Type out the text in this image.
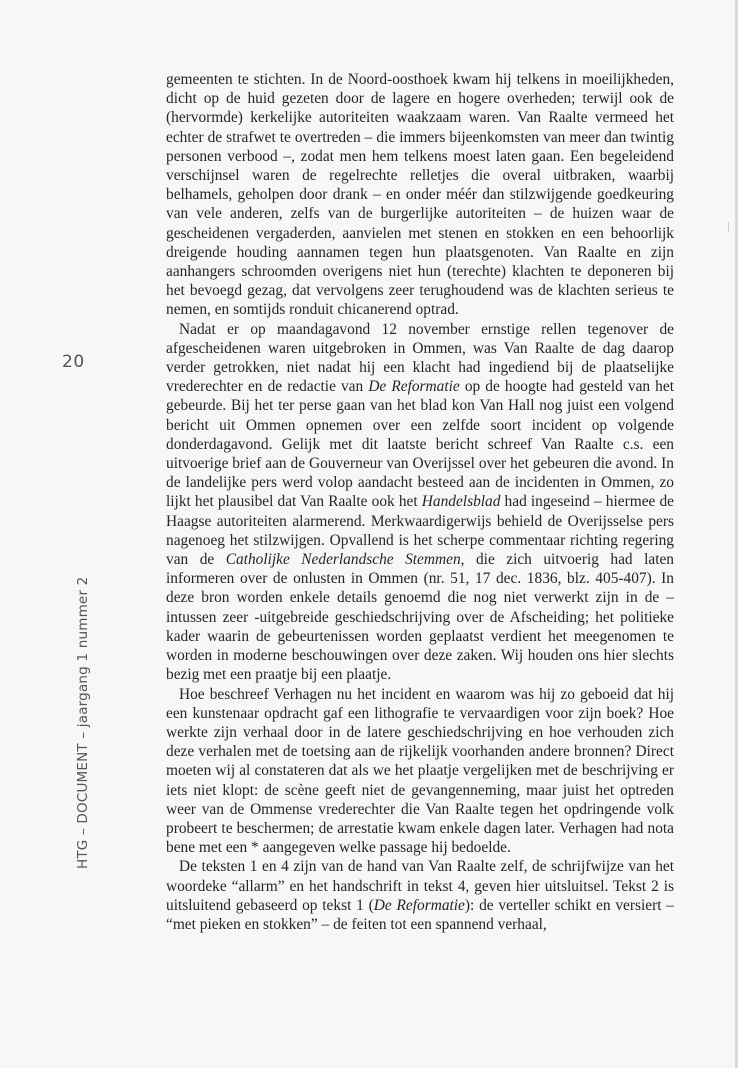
20
HTG – DOCUMENT – jaargang 1 nummer 2

gemeenten te stichten. In de Noord-oosthoek kwam hij telkens in moeilijkheden, dicht op de huid gezeten door de lagere en hogere overheden; terwijl ook de (hervormde) kerkelijke autoriteiten waakzaam waren. Van Raalte vermeed het echter de strafwet te overtreden – die immers bijeenkomsten van meer dan twintig personen verbood –, zodat men hem telkens moest laten gaan. Een begeleidend verschijnsel waren de regelrechte relletjes die overal uitbraken, waarbij belhamels, geholpen door drank – en onder méér dan stilzwijgende goedkeuring van vele anderen, zelfs van de burgerlijke autoriteiten – de huizen waar de gescheidenen vergaderden, aanvielen met stenen en stokken en een behoorlijk dreigende houding aannamen tegen hun plaatsgenoten. Van Raalte en zijn aanhangers schroomden overigens niet hun (terechte) klachten te deponeren bij het bevoegd gezag, dat vervolgens zeer terughoudend was de klachten serieus te nemen, en somtijds ronduit chicanerend optrad.

Nadat er op maandagavond 12 november ernstige rellen tegenover de afgescheidenen waren uitgebroken in Ommen, was Van Raalte de dag daarop verder getrokken, niet nadat hij een klacht had ingediend bij de plaatselijke vrederechter en de redactie van De Reformatie op de hoogte had gesteld van het gebeurde. Bij het ter perse gaan van het blad kon Van Hall nog juist een volgend bericht uit Ommen opnemen over een zelfde soort incident op volgende donderdagavond. Gelijk met dit laatste bericht schreef Van Raalte c.s. een uitvoerige brief aan de Gouverneur van Overijssel over het gebeuren die avond. In de landelijke pers werd volop aandacht besteed aan de incidenten in Ommen, zo lijkt het plausibel dat Van Raalte ook het Handelsblad had ingeseind – hiermee de Haagse autoriteiten alarmerend. Merkwaardigerwijs behield de Overijsselse pers nagenoeg het stilzwijgen. Opvallend is het scherpe commentaar richting regering van de Catholijke Nederlandsche Stemmen, die zich uitvoerig had laten informeren over de onlusten in Ommen (nr. 51, 17 dec. 1836, blz. 405-407). In deze bron worden enkele details genoemd die nog niet verwerkt zijn in de – intussen zeer -uitgebreide geschiedschrijving over de Afscheiding; het politieke kader waarin de gebeurtenissen worden geplaatst verdient het meegenomen te worden in moderne beschouwingen over deze zaken. Wij houden ons hier slechts bezig met een praatje bij een plaatje.

Hoe beschreef Verhagen nu het incident en waarom was hij zo geboeid dat hij een kunstenaar opdracht gaf een lithografie te vervaardigen voor zijn boek? Hoe werkte zijn verhaal door in de latere geschiedschrijving en hoe verhouden zich deze verhalen met de toetsing aan de rijkelijk voorhanden andere bronnen? Direct moeten wij al constateren dat als we het plaatje vergelijken met de beschrijving er iets niet klopt: de scène geeft niet de gevangenneming, maar juist het optreden weer van de Ommense vrederechter die Van Raalte tegen het opdringende volk probeert te beschermen; de arrestatie kwam enkele dagen later. Verhagen had nota bene met een * aangegeven welke passage hij bedoelde.

De teksten 1 en 4 zijn van de hand van Van Raalte zelf, de schrijfwijze van het woordeke “allarm” en het handschrift in tekst 4, geven hier uitsluitsel. Tekst 2 is uitsluitend gebaseerd op tekst 1 (De Reformatie): de verteller schikt en versiert – “met pieken en stokken” – de feiten tot een spannend verhaal,
